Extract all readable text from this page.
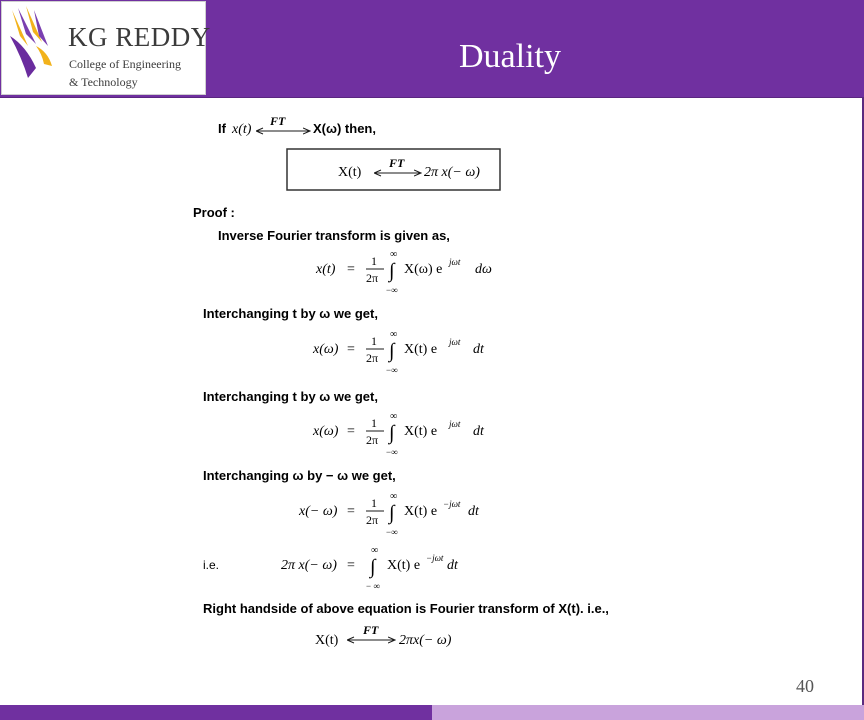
KG REDDY
College of Engineering
& Technology
Duality
If x(t)
FT X(ω) then,
X(t)
FT
2π x(− ω)
Proof :
Inverse Fourier transform is given as,
x(t) =
1
2π
∞
∫
−∞
X(ω) e jωt dω
Interchanging t by ω we get,
x(ω) =
1
2π
∞
∫
−∞
X(t) e jωt dt
Interchanging t by ω we get,
x(ω) =
1
2π
∞
∫
−∞
X(t) e jωt dt
Interchanging ω by − ω we get,
x(− ω) =
1
2π
∞
∫
−∞
X(t) e −jωt dt
i.e.	2π x(− ω) =
∞
∫
− ∞
X(t) e −jωt dt
Right handside of above equation is Fourier transform of X(t). i.e.,
X(t)
FT
2πx(− ω)
40
